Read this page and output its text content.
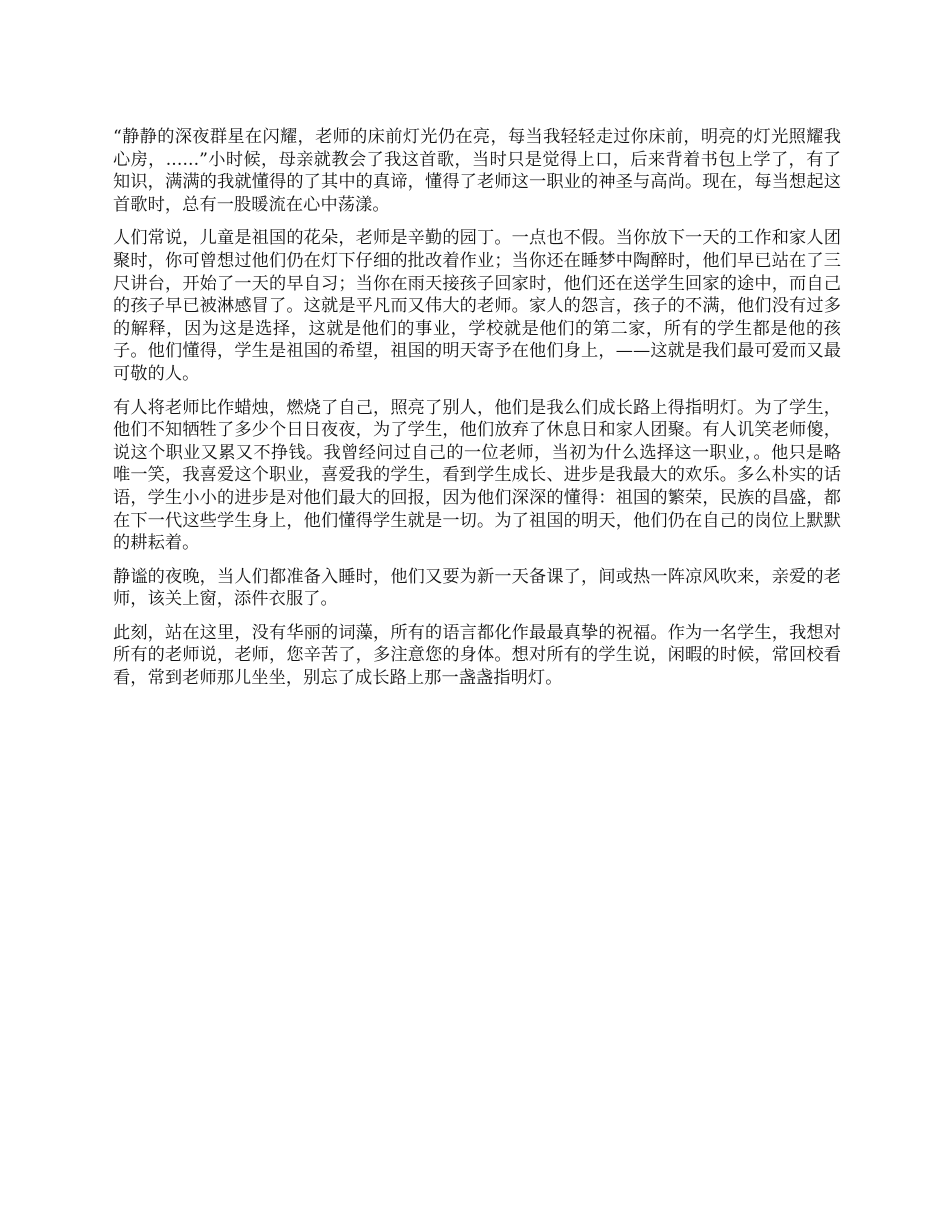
“静静的深夜群星在闪耀，老师的床前灯光仍在亮，每当我轻轻走过你床前，明亮的灯光照耀我心房，......”小时候，母亲就教会了我这首歌，当时只是觉得上口，后来背着书包上学了，有了知识，满满的我就懂得的了其中的真谛，懂得了老师这一职业的神圣与高尚。现在，每当想起这首歌时，总有一股暖流在心中荡漾。

人们常说，儿童是祖国的花朵，老师是辛勤的园丁。一点也不假。当你放下一天的工作和家人团聚时，你可曾想过他们仍在灯下仔细的批改着作业；当你还在睡梦中陶醉时，他们早已站在了三尺讲台，开始了一天的早自习；当你在雨天接孩子回家时，他们还在送学生回家的途中，而自己的孩子早已被淋感冒了。这就是平凡而又伟大的老师。家人的怨言，孩子的不满，他们没有过多的解释，因为这是选择，这就是他们的事业，学校就是他们的第二家，所有的学生都是他的孩子。他们懂得，学生是祖国的希望，祖国的明天寄予在他们身上，——这就是我们最可爱而又最可敬的人。

有人将老师比作蜡烛，燃烧了自己，照亮了别人，他们是我么们成长路上得指明灯。为了学生，他们不知牺牲了多少个日日夜夜，为了学生，他们放弃了休息日和家人团聚。有人讥笑老师傻，说这个职业又累又不挣钱。我曾经问过自己的一位老师，当初为什么选择这一职业，。他只是略唯一笑，我喜爱这个职业，喜爱我的学生，看到学生成长、进步是我最大的欢乐。多么朴实的话语，学生小小的进步是对他们最大的回报，因为他们深深的懂得：祖国的繁荣，民族的昌盛，都在下一代这些学生身上，他们懂得学生就是一切。为了祖国的明天，他们仍在自己的岗位上默默的耕耘着。

静谧的夜晚，当人们都准备入睡时，他们又要为新一天备课了，间或热一阵凉风吹来，亲爱的老师，该关上窗，添件衣服了。

此刻，站在这里，没有华丽的词藻，所有的语言都化作最最真挚的祝福。作为一名学生，我想对所有的老师说，老师，您辛苦了，多注意您的身体。想对所有的学生说，闲暇的时候，常回校看看，常到老师那儿坐坐，别忘了成长路上那一盏盏指明灯。
